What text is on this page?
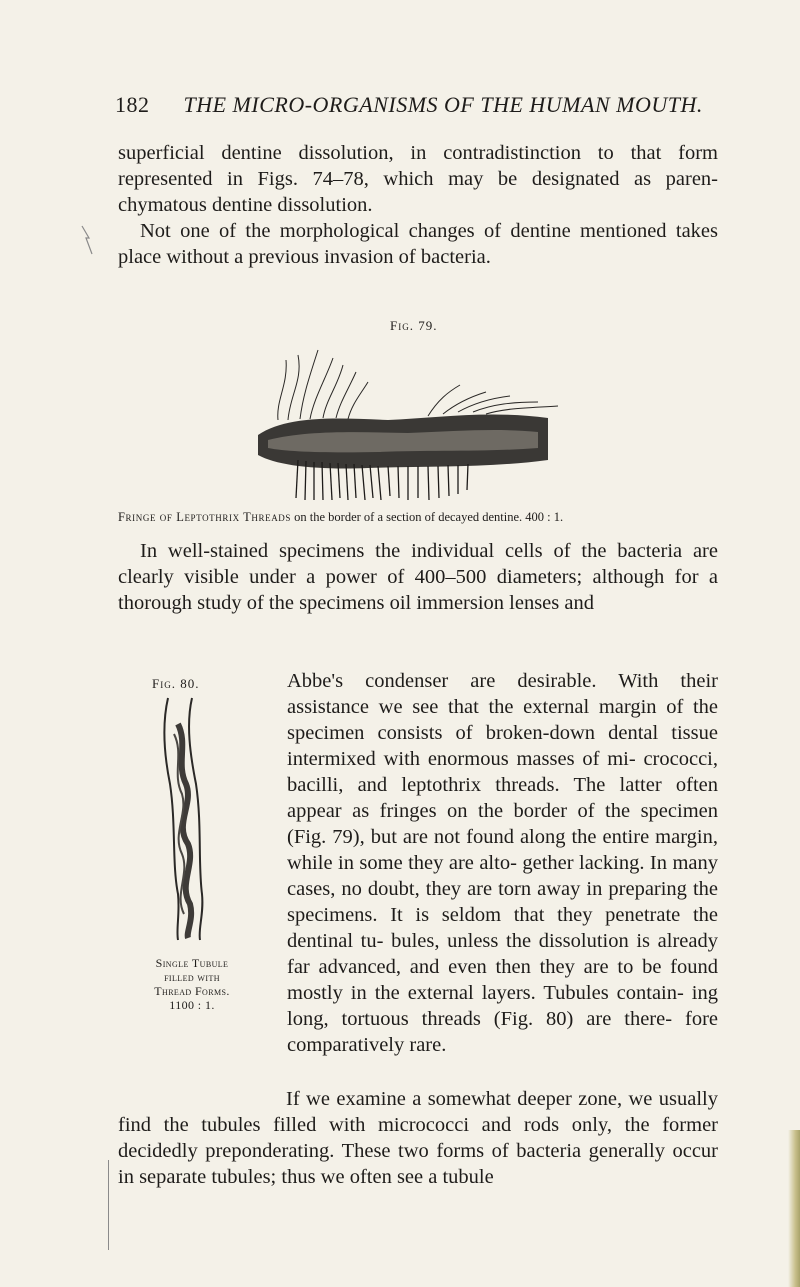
182 THE MICRO-ORGANISMS OF THE HUMAN MOUTH.

superficial dentine dissolution, in contradistinction to that form represented in Figs. 74–78, which may be designated as paren- chymatous dentine dissolution.

Not one of the morphological changes of dentine mentioned takes place without a previous invasion of bacteria.

Fig. 79.
Fringe of Leptothrix Threads on the border of a section of decayed dentine. 400 : 1.

In well-stained specimens the individual cells of the bacteria are clearly visible under a power of 400–500 diameters; although for a thorough study of the specimens oil immersion lenses and

Fig. 80.
Single Tubule
filled with
Thread Forms.
1100 : 1.

Abbe's condenser are desirable. With their assistance we see that the external margin of the specimen consists of broken-down dental tissue intermixed with enormous masses of mi- crococci, bacilli, and leptothrix threads. The latter often appear as fringes on the border of the specimen (Fig. 79), but are not found along the entire margin, while in some they are alto- gether lacking. In many cases, no doubt, they are torn away in preparing the specimens. It is seldom that they penetrate the dentinal tu- bules, unless the dissolution is already far advanced, and even then they are to be found mostly in the external layers. Tubules contain- ing long, tortuous threads (Fig. 80) are there- fore comparatively rare.

If we examine a somewhat deeper zone, we usually find the tubules filled with micrococci and rods only, the former decidedly preponderating. These two forms of bacteria generally occur in separate tubules; thus we often see a tubule
